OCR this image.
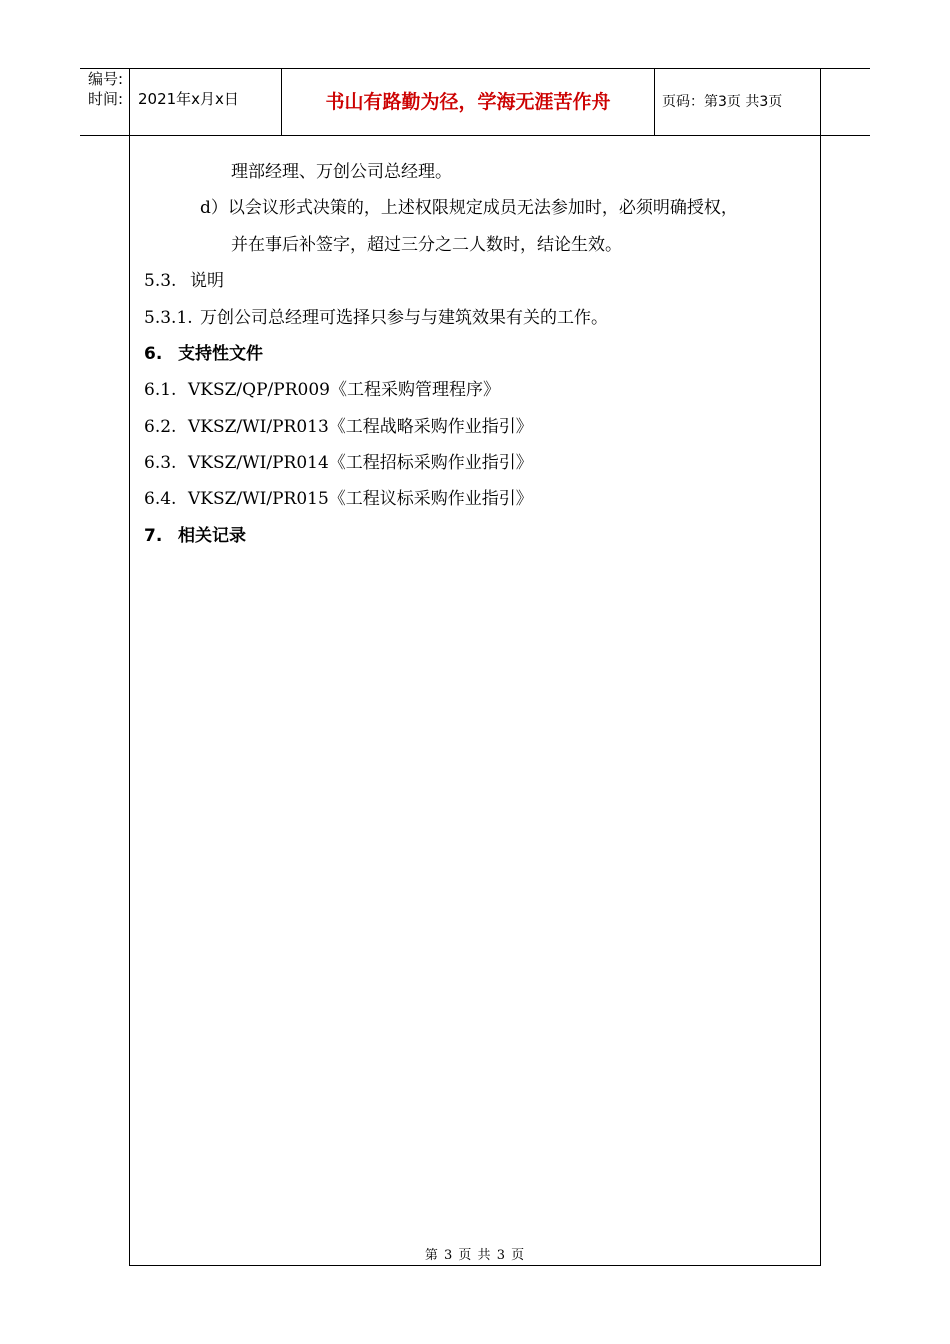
编号:
时间: 2021年x月x日	书山有路勤为径，学海无涯苦作舟	页码：第3页 共3页
理部经理、万创公司总经理。
d）以会议形式决策的，上述权限规定成员无法参加时，必须明确授权，
并在事后补签字，超过三分之二人数时，结论生效。
5.3. 说明
5.3.1. 万创公司总经理可选择只参与与建筑效果有关的工作。
6. 支持性文件
6.1. VKSZ/QP/PR009《工程采购管理程序》
6.2. VKSZ/WI/PR013《工程战略采购作业指引》
6.3. VKSZ/WI/PR014《工程招标采购作业指引》
6.4. VKSZ/WI/PR015《工程议标采购作业指引》
7. 相关记录
第 3 页 共 3 页
